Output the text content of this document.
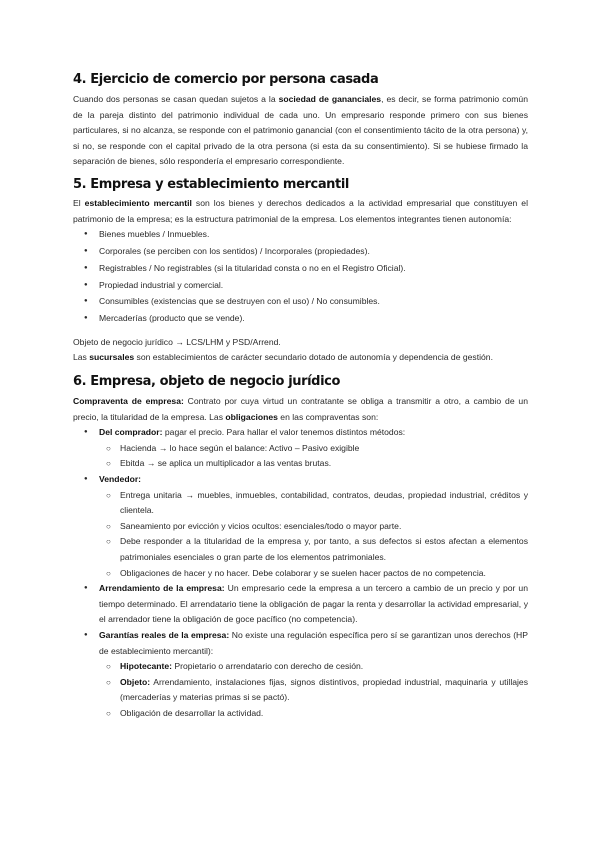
4. Ejercicio de comercio por persona casada

Cuando dos personas se casan quedan sujetos a la sociedad de gananciales, es decir, se forma patrimonio común de la pareja distinto del patrimonio individual de cada uno. Un empresario responde primero con sus bienes particulares, si no alcanza, se responde con el patrimonio ganancial (con el consentimiento tácito de la otra persona) y, si no, se responde con el capital privado de la otra persona (si esta da su consentimiento). Si se hubiese firmado la separación de bienes, sólo respondería el empresario correspondiente.

5. Empresa y establecimiento mercantil

El establecimiento mercantil son los bienes y derechos dedicados a la actividad empresarial que constituyen el patrimonio de la empresa; es la estructura patrimonial de la empresa. Los elementos integrantes tienen autonomía:

● Bienes muebles / Inmuebles.
● Corporales (se perciben con los sentidos) / Incorporales (propiedades).
● Registrables / No registrables (si la titularidad consta o no en el Registro Oficial).
● Propiedad industrial y comercial.
● Consumibles (existencias que se destruyen con el uso) / No consumibles.
● Mercaderías (producto que se vende).

Objeto de negocio jurídico → LCS/LHM y PSD/Arrend.

Las sucursales son establecimientos de carácter secundario dotado de autonomía y dependencia de gestión.

6. Empresa, objeto de negocio jurídico

Compraventa de empresa: Contrato por cuya virtud un contratante se obliga a transmitir a otro, a cambio de un precio, la titularidad de la empresa. Las obligaciones en las compraventas son:

● Del comprador: pagar el precio. Para hallar el valor tenemos distintos métodos:
○ Hacienda → lo hace según el balance: Activo – Pasivo exigible
○ Ebitda → se aplica un multiplicador a las ventas brutas.
● Vendedor:
○ Entrega unitaria → muebles, inmuebles, contabilidad, contratos, deudas, propiedad industrial, créditos y clientela.
○ Saneamiento por evicción y vicios ocultos: esenciales/todo o mayor parte.
○ Debe responder a la titularidad de la empresa y, por tanto, a sus defectos si estos afectan a elementos patrimoniales esenciales o gran parte de los elementos patrimoniales.
○ Obligaciones de hacer y no hacer. Debe colaborar y se suelen hacer pactos de no competencia.
● Arrendamiento de la empresa: Un empresario cede la empresa a un tercero a cambio de un precio y por un tiempo determinado. El arrendatario tiene la obligación de pagar la renta y desarrollar la actividad empresarial, y el arrendador tiene la obligación de goce pacífico (no competencia).
● Garantías reales de la empresa: No existe una regulación específica pero sí se garantizan unos derechos (HP de establecimiento mercantil):
○ Hipotecante: Propietario o arrendatario con derecho de cesión.
○ Objeto: Arrendamiento, instalaciones fijas, signos distintivos, propiedad industrial, maquinaria y utillajes (mercaderías y materias primas si se pactó).
○ Obligación de desarrollar la actividad.
